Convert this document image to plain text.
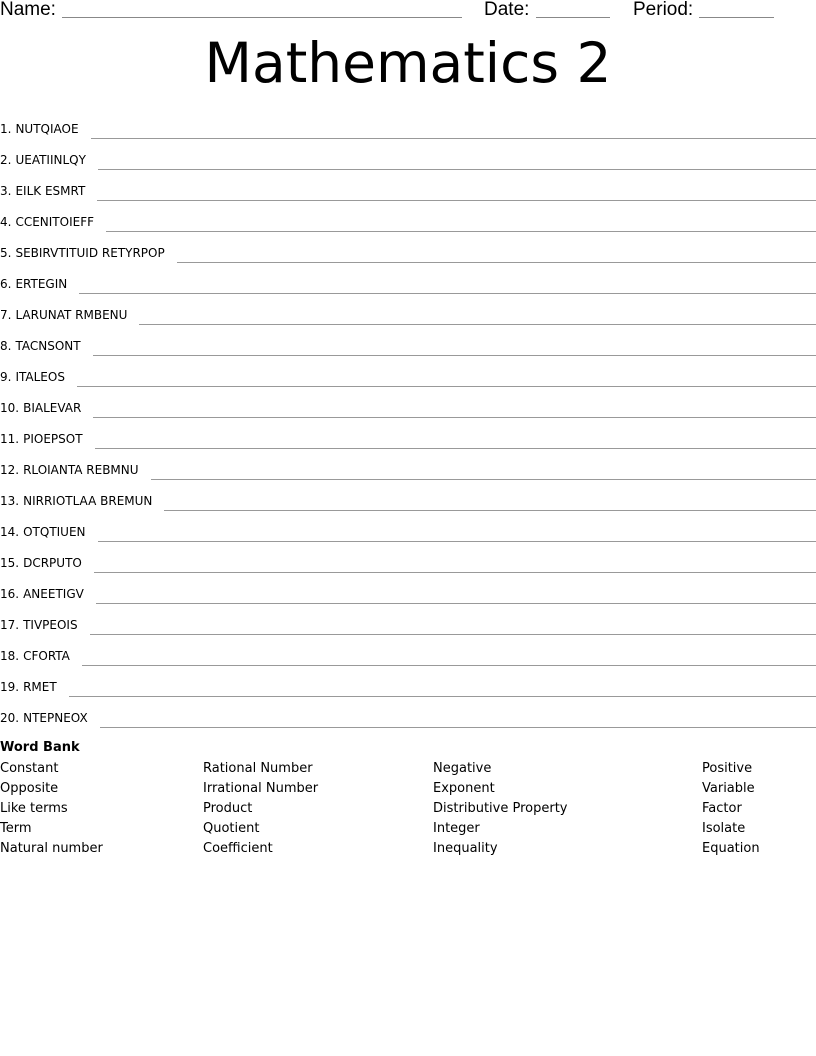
Name:	Date:	Period:
Mathematics 2
1. NUTQIAOE
2. UEATIINLQY
3. EILK ESMRT
4. CCENITOIEFF
5. SEBIRVTITUID RETYRPOP
6. ERTEGIN
7. LARUNAT RMBENU
8. TACNSONT
9. ITALEOS
10. BIALEVAR
11. PIOEPSOT
12. RLOIANTA REBMNU
13. NIRRIOTLAA BREMUN
14. OTQTIUEN
15. DCRPUTO
16. ANEETIGV
17. TIVPEOIS
18. CFORTA
19. RMET
20. NTEPNEOX
Word Bank
Constant
Opposite
Like terms
Term
Natural number
Rational Number
Irrational Number
Product
Quotient
Coefficient
Negative
Exponent
Distributive Property
Integer
Inequality
Positive
Variable
Factor
Isolate
Equation
